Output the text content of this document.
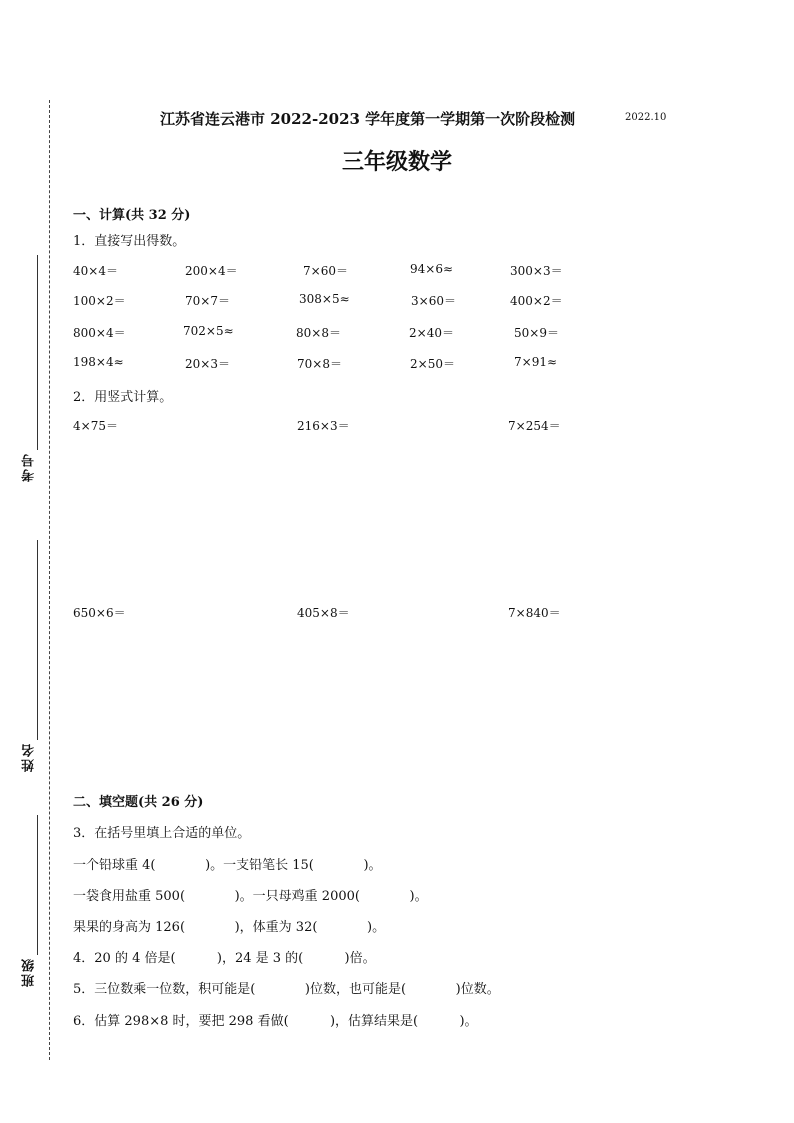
考号
姓名
班级
江苏省连云港市 2022-2023 学年度第一学期第一次阶段检测	2022.10
三年级数学
一、计算(共 32 分)
1．直接写出得数。
40×4＝	200×4＝	7×60＝	94×6≈	300×3＝
100×2＝	70×7＝	308×5≈	3×60＝	400×2＝
800×4＝	702×5≈	80×8＝	2×40＝	50×9＝
198×4≈	20×3＝	70×8＝	2×50＝	7×91≈
2．用竖式计算。
4×75＝	216×3＝	7×254＝
650×6＝	405×8＝	7×840＝
二、填空题(共 26 分)
3．在括号里填上合适的单位。
一个铅球重 4(            )。一支铅笔长 15(            )。
一袋食用盐重 500(            )。一只母鸡重 2000(            )。
果果的身高为 126(            )，体重为 32(            )。
4．20 的 4 倍是(          )，24 是 3 的(          )倍。
5．三位数乘一位数，积可能是(            )位数，也可能是(            )位数。
6．估算 298×8 时，要把 298 看做(          )，估算结果是(          )。
